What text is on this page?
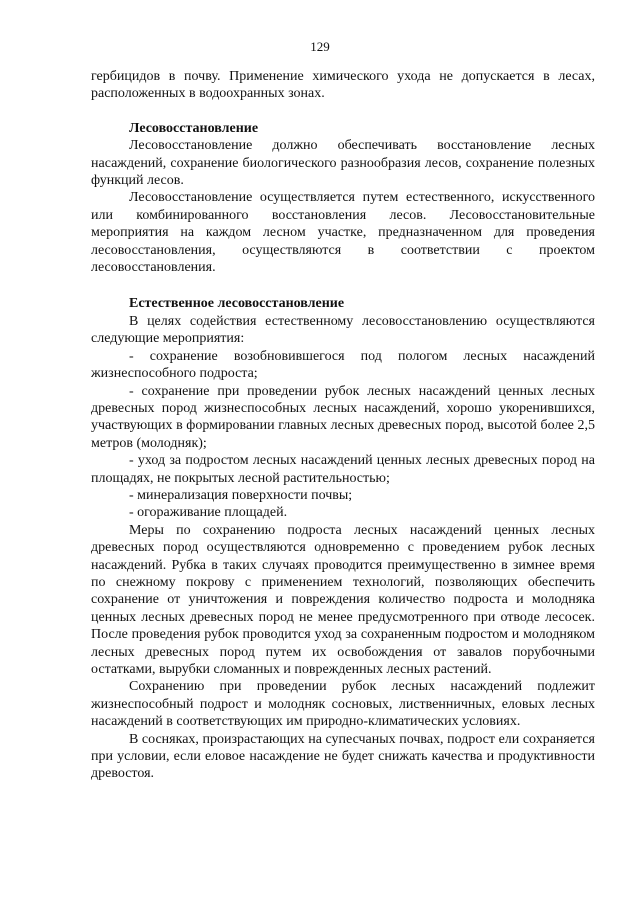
129

гербицидов в почву. Применение химического ухода не допускается в лесах, расположенных в водоохранных зонах.

Лесовосстановление

Лесовосстановление должно обеспечивать восстановление лесных насаждений, сохранение биологического разнообразия лесов, сохранение полезных функций лесов.

Лесовосстановление осуществляется путем естественного, искусственного или комбинированного восстановления лесов. Лесовосстановительные мероприятия на каждом лесном участке, предназначенном для проведения лесовосстановления, осуществляются в соответствии с проектом лесовосстановления.

Естественное лесовосстановление

В целях содействия естественному лесовосстановлению осуществляются следующие мероприятия:

- сохранение возобновившегося под пологом лесных насаждений жизнеспособного подроста;

- сохранение при проведении рубок лесных насаждений ценных лесных древесных пород жизнеспособных лесных насаждений, хорошо укоренившихся, участвующих в формировании главных лесных древесных пород, высотой более 2,5 метров (молодняк);

- уход за подростом лесных насаждений ценных лесных древесных пород на площадях, не покрытых лесной растительностью;

- минерализация поверхности почвы;

- огораживание площадей.

Меры по сохранению подроста лесных насаждений ценных лесных древесных пород осуществляются одновременно с проведением рубок лесных насаждений. Рубка в таких случаях проводится преимущественно в зимнее время по снежному покрову с применением технологий, позволяющих обеспечить сохранение от уничтожения и повреждения количество подроста и молодняка ценных лесных древесных пород не менее предусмотренного при отводе лесосек. После проведения рубок проводится уход за сохраненным подростом и молодняком лесных древесных пород путем их освобождения от завалов порубочными остатками, вырубки сломанных и поврежденных лесных растений.

Сохранению при проведении рубок лесных насаждений подлежит жизнеспособный подрост и молодняк сосновых, лиственничных, еловых лесных насаждений в соответствующих им природно-климатических условиях.

В сосняках, произрастающих на супесчаных почвах, подрост ели сохраняется при условии, если еловое насаждение не будет снижать качества и продуктивности древостоя.
